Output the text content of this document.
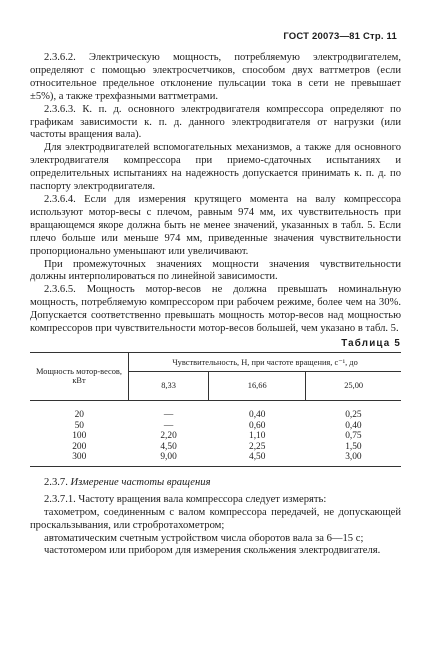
ГОСТ 20073—81 Стр. 11

2.3.6.2. Электрическую мощность, потребляемую электродвигателем, определяют с помощью электросчетчиков, способом двух ваттметров (если относительное предельное отклонение пульсации тока в сети не превышает ±5%), а также трехфазными ваттметрами.

2.3.6.3. К. п. д. основного электродвигателя компрессора определяют по графикам зависимости к. п. д. данного электродвигателя от нагрузки (или частоты вращения вала).

Для электродвигателей вспомогательных механизмов, а также для основного электродвигателя компрессора при приемо-сдаточных испытаниях и определительных испытаниях на надежность допускается принимать к. п. д. по паспорту электродвигателя.

2.3.6.4. Если для измерения крутящего момента на валу компрессора используют мотор-весы с плечом, равным 974 мм, их чувствительность при вращающемся якоре должна быть не менее значений, указанных в табл. 5. Если плечо больше или меньше 974 мм, приведенные значения чувствительности пропорционально уменьшают или увеличивают.

При промежуточных значениях мощности значения чувствительности должны интерполироваться по линейной зависимости.

2.3.6.5. Мощность мотор-весов не должна превышать номинальную мощность, потребляемую компрессором при рабочем режиме, более чем на 30%. Допускается соответственно превышать мощность мотор-весов над мощностью компрессоров при чувствительности мотор-весов большей, чем указано в табл. 5.

Таблица 5
Мощность мотор-весов, кВт	Чувствительность, Н, при частоте вращения, с⁻¹, до		
	8,33	16,66	25,00
20	—	0,40	0,25
50	—	0,60	0,40
100	2,20	1,10	0,75
200	4,50	2,25	1,50
300	9,00	4,50	3,00

2.3.7. Измерение частоты вращения

2.3.7.1. Частоту вращения вала компрессора следует измерять:

тахометром, соединенным с валом компрессора передачей, не допускающей проскальзывания, или стробротахометром;

автоматическим счетным устройством числа оборотов вала за 6—15 с;

частотомером или прибором для измерения скольжения электродвигателя.
